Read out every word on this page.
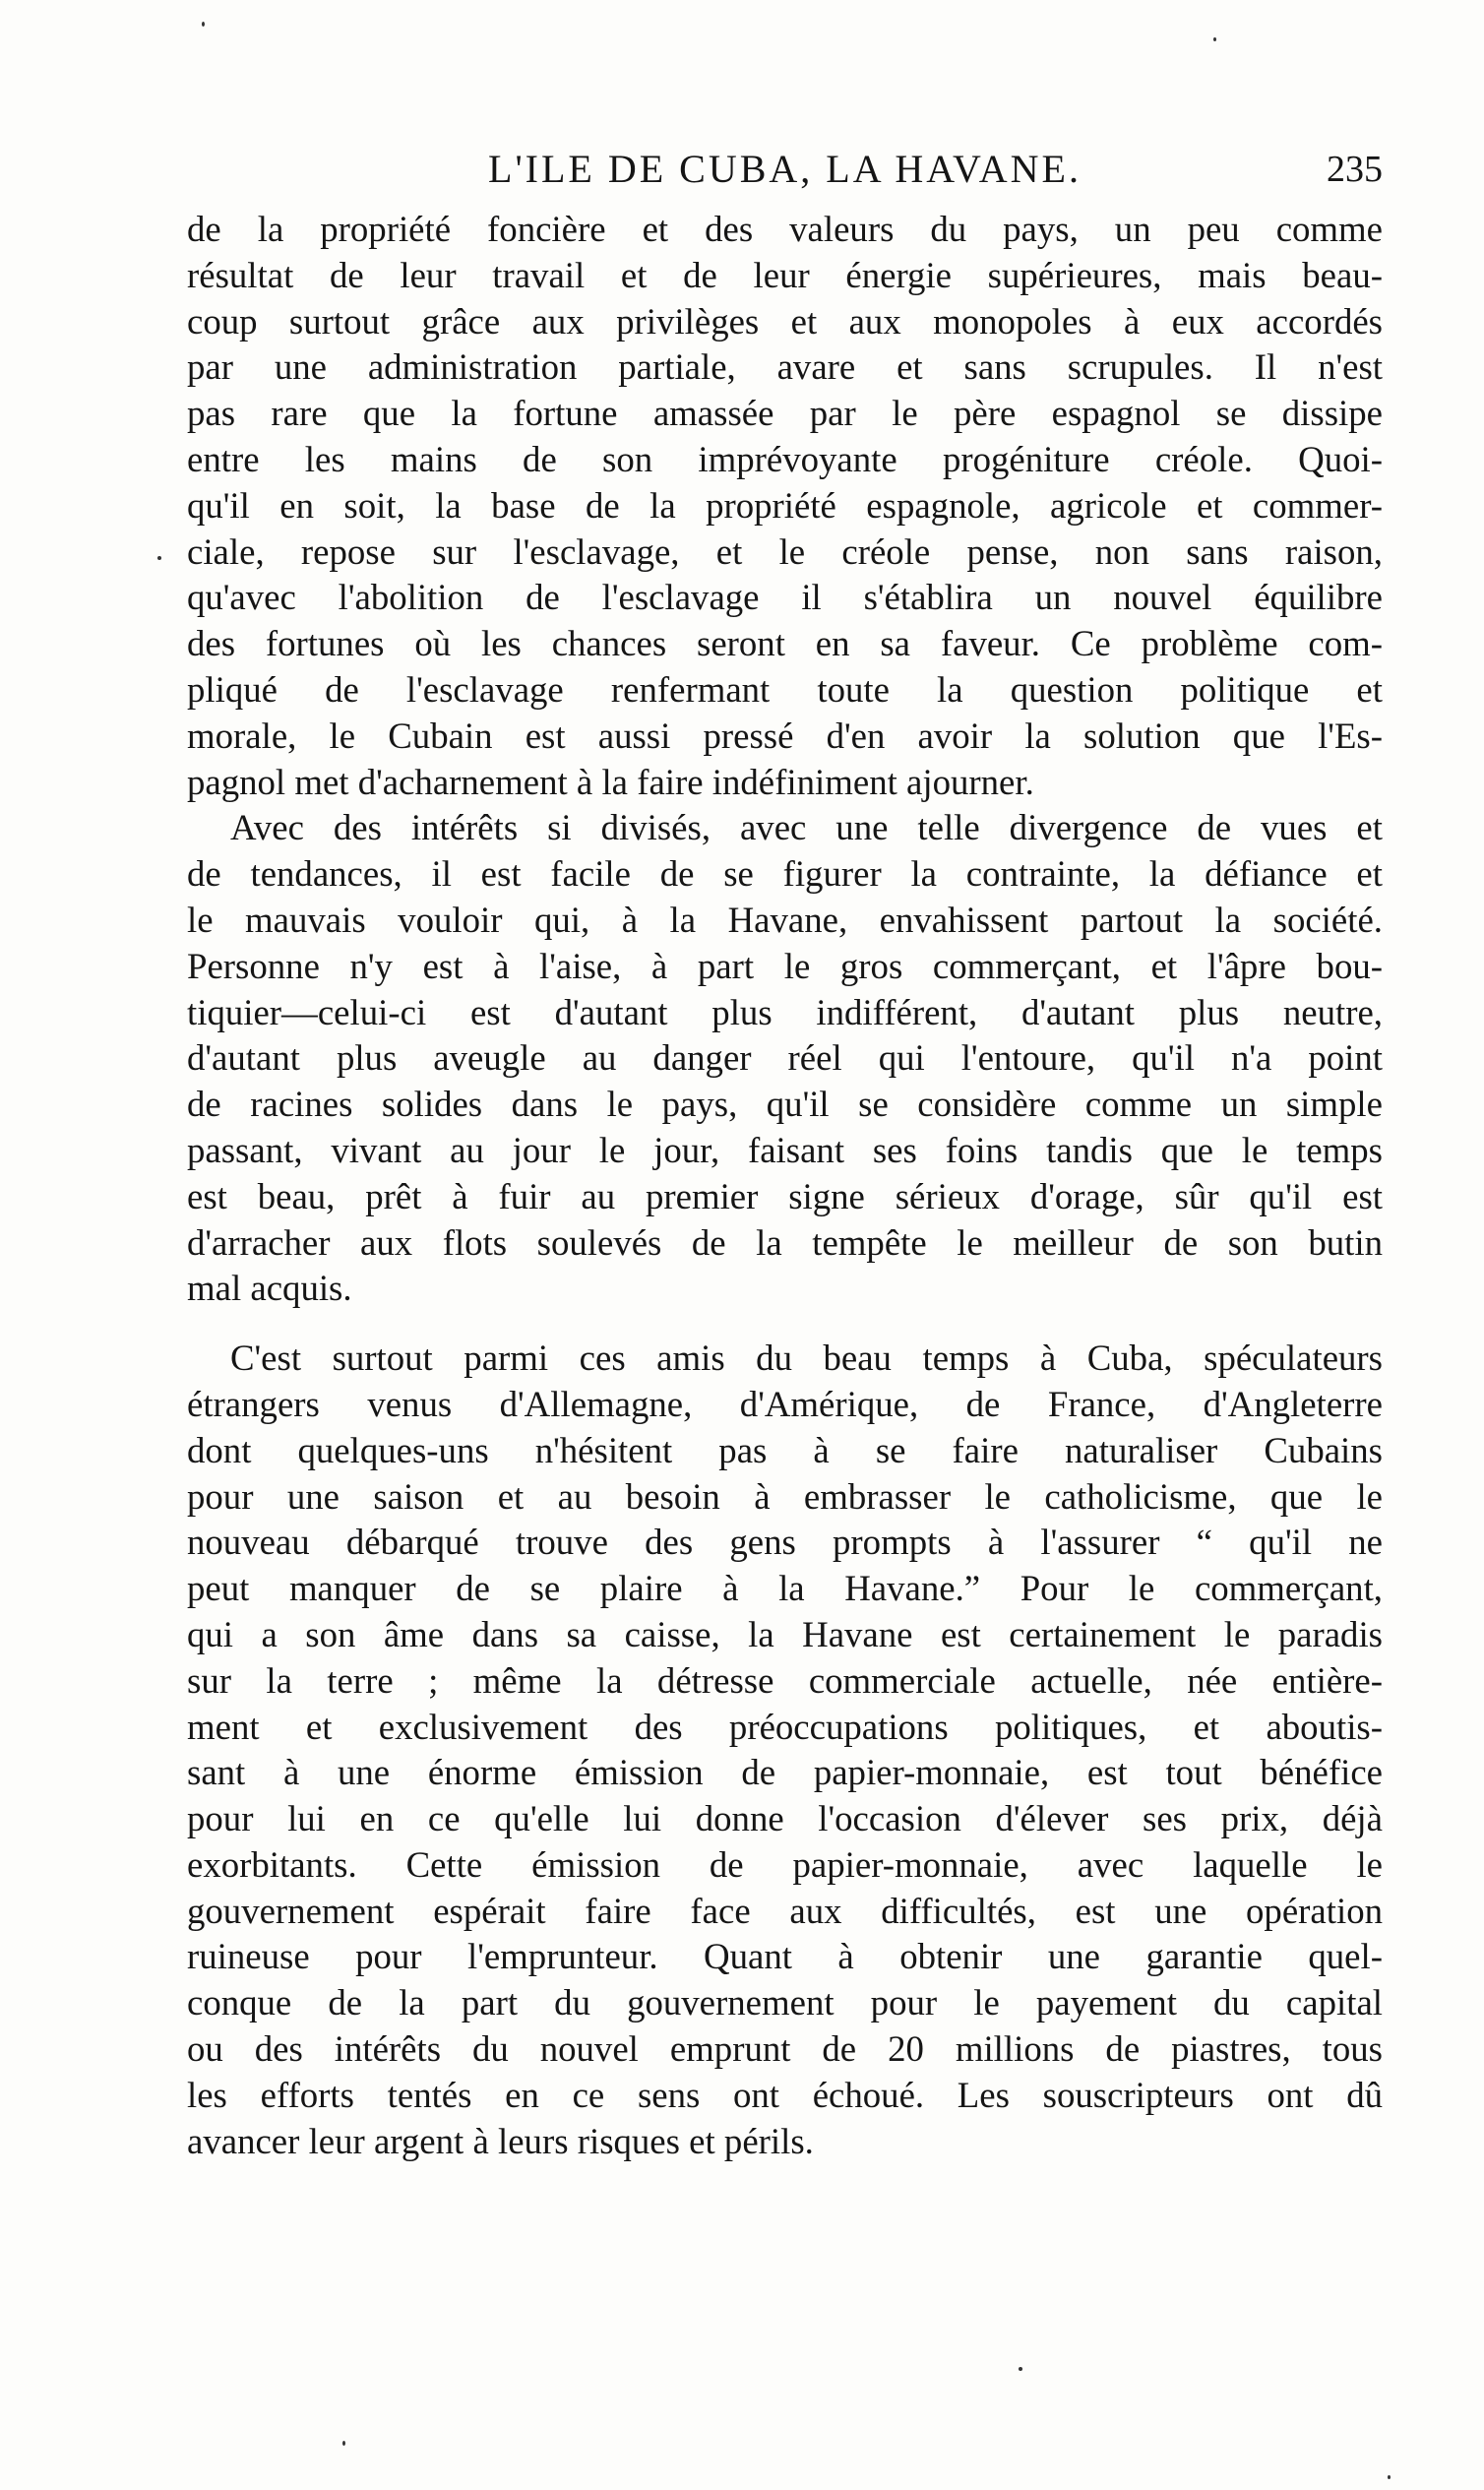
L'ILE DE CUBA, LA HAVANE.	235

de la propriété foncière et des valeurs du pays, un peu comme
résultat de leur travail et de leur énergie supérieures, mais beau-
coup surtout grâce aux privilèges et aux monopoles à eux accordés
par une administration partiale, avare et sans scrupules. Il n'est
pas rare que la fortune amassée par le père espagnol se dissipe
entre les mains de son imprévoyante progéniture créole. Quoi-
qu'il en soit, la base de la propriété espagnole, agricole et commer-
ciale, repose sur l'esclavage, et le créole pense, non sans raison,
qu'avec l'abolition de l'esclavage il s'établira un nouvel équilibre
des fortunes où les chances seront en sa faveur. Ce problème com-
pliqué de l'esclavage renfermant toute la question politique et
morale, le Cubain est aussi pressé d'en avoir la solution que l'Es-
pagnol met d'acharnement à la faire indéfiniment ajourner.

Avec des intérêts si divisés, avec une telle divergence de vues et
de tendances, il est facile de se figurer la contrainte, la défiance et
le mauvais vouloir qui, à la Havane, envahissent partout la société.
Personne n'y est à l'aise, à part le gros commerçant, et l'âpre bou-
tiquier—celui-ci est d'autant plus indifférent, d'autant plus neutre,
d'autant plus aveugle au danger réel qui l'entoure, qu'il n'a point
de racines solides dans le pays, qu'il se considère comme un simple
passant, vivant au jour le jour, faisant ses foins tandis que le temps
est beau, prêt à fuir au premier signe sérieux d'orage, sûr qu'il est
d'arracher aux flots soulevés de la tempête le meilleur de son butin
mal acquis.

C'est surtout parmi ces amis du beau temps à Cuba, spéculateurs
étrangers venus d'Allemagne, d'Amérique, de France, d'Angleterre
dont quelques-uns n'hésitent pas à se faire naturaliser Cubains
pour une saison et au besoin à embrasser le catholicisme, que le
nouveau débarqué trouve des gens prompts à l'assurer “ qu'il ne
peut manquer de se plaire à la Havane.” Pour le commerçant,
qui a son âme dans sa caisse, la Havane est certainement le paradis
sur la terre ; même la détresse commerciale actuelle, née entière-
ment et exclusivement des préoccupations politiques, et aboutis-
sant à une énorme émission de papier-monnaie, est tout bénéfice
pour lui en ce qu'elle lui donne l'occasion d'élever ses prix, déjà
exorbitants. Cette émission de papier-monnaie, avec laquelle le
gouvernement espérait faire face aux difficultés, est une opération
ruineuse pour l'emprunteur. Quant à obtenir une garantie quel-
conque de la part du gouvernement pour le payement du capital
ou des intérêts du nouvel emprunt de 20 millions de piastres, tous
les efforts tentés en ce sens ont échoué. Les souscripteurs ont dû
avancer leur argent à leurs risques et périls.
